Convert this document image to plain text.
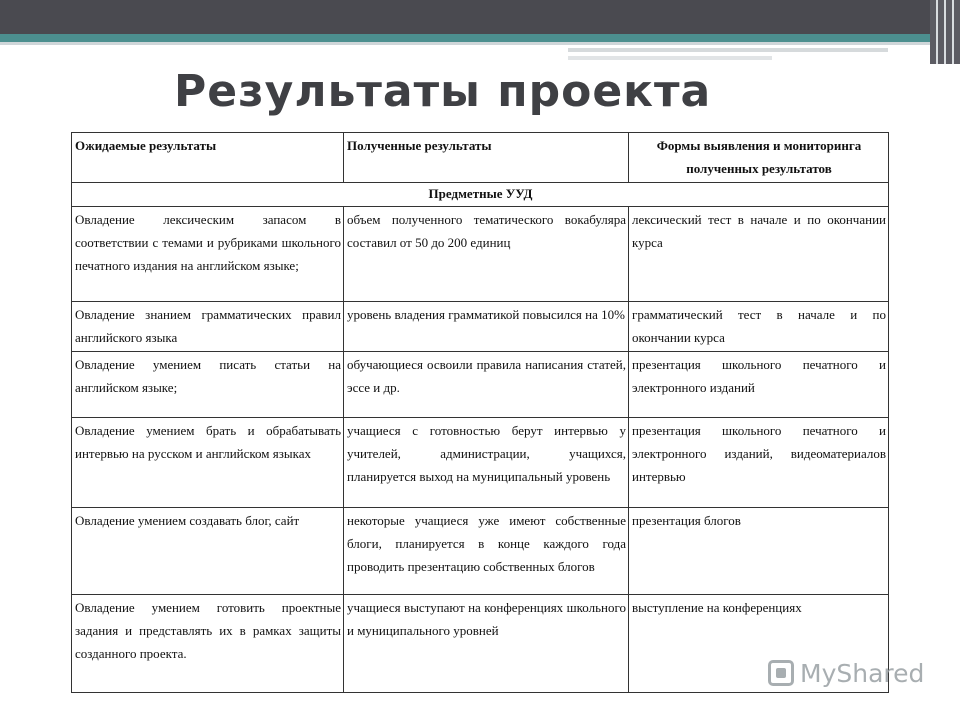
Результаты проекта
Ожидаемые результаты	Полученные результаты	Формы выявления и мониторинга полученных результатов
Предметные УУД		
Овладение лексическим запасом в соответствии с темами и рубриками школьного печатного издания на английском языке;	объем полученного тематического вокабуляра составил от 50 до 200 единиц	лексический тест в начале и по окончании курса
Овладение знанием грамматических правил английского языка	уровень владения грамматикой повысился на 10%	грамматический тест в начале и по окончании курса
Овладение умением писать статьи на английском языке;	обучающиеся освоили правила написания статей, эссе и др.	презентация школьного печатного и электронного изданий
Овладение умением брать и обрабатывать интервью на русском и английском языках	учащиеся с готовностью берут интервью у учителей, администрации, учащихся, планируется выход на муниципальный уровень	презентация школьного печатного и электронного изданий, видеоматериалов интервью
Овладение умением создавать блог, сайт	некоторые учащиеся уже имеют собственные блоги, планируется в конце каждого года проводить презентацию собственных блогов	презентация блогов
Овладение умением готовить проектные задания и представлять их в рамках защиты созданного проекта.	учащиеся выступают на конференциях школьного и муниципального уровней	выступление на конференциях
MyShared
